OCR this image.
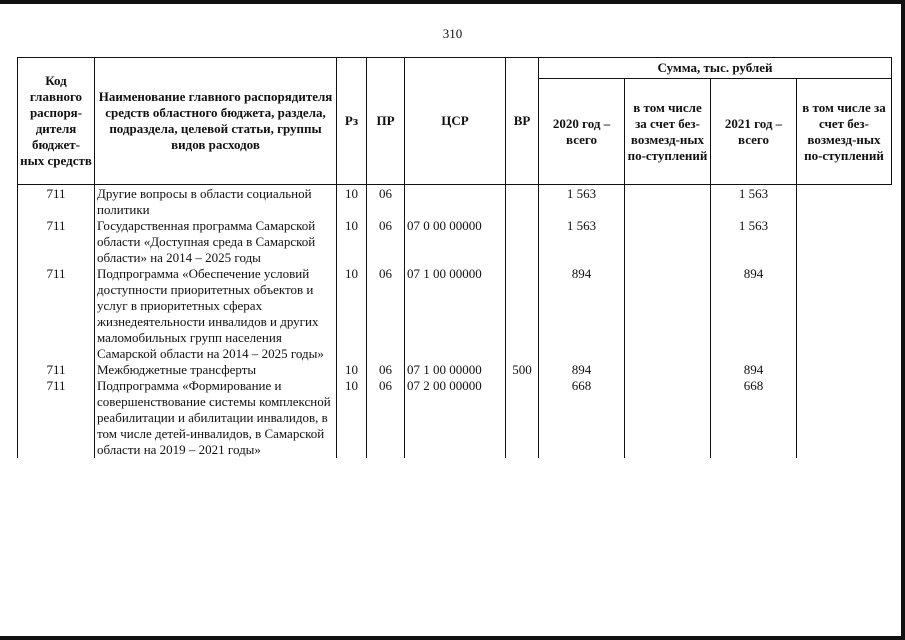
310
Код главного распоря-дителя бюджет-ных средств	Наименование главного распорядителя средств областного бюджета, раздела, подраздела, целевой статьи, группы видов расходов	Рз	ПР	ЦСР	ВР	Сумма, тыс. рублей			
						2020 год – всего	в том числе за счет без-возмезд-ных по-ступлений	2021 год – всего	в том числе за счет без-возмезд-ных по-ступлений
711	Другие вопросы в области социальной политики	10	06			1 563		1 563	
711	Государственная программа Самарской области «Доступная среда в Самарской области» на 2014 – 2025 годы	10	06	07 0 00 00000		1 563		1 563	
711	Подпрограмма «Обеспечение условий доступности приоритетных объектов и услуг в приоритетных сферах жизнедеятельности инвалидов и других маломобильных групп населения Самарской области на 2014 – 2025 годы»	10	06	07 1 00 00000		894		894	
711	Межбюджетные трансферты	10	06	07 1 00 00000	500	894		894	
711	Подпрограмма «Формирование и совершенствование системы комплексной реабилитации и абилитации инвалидов, в том числе детей-инвалидов, в Самарской области на 2019 – 2021 годы»	10	06	07 2 00 00000		668		668	
